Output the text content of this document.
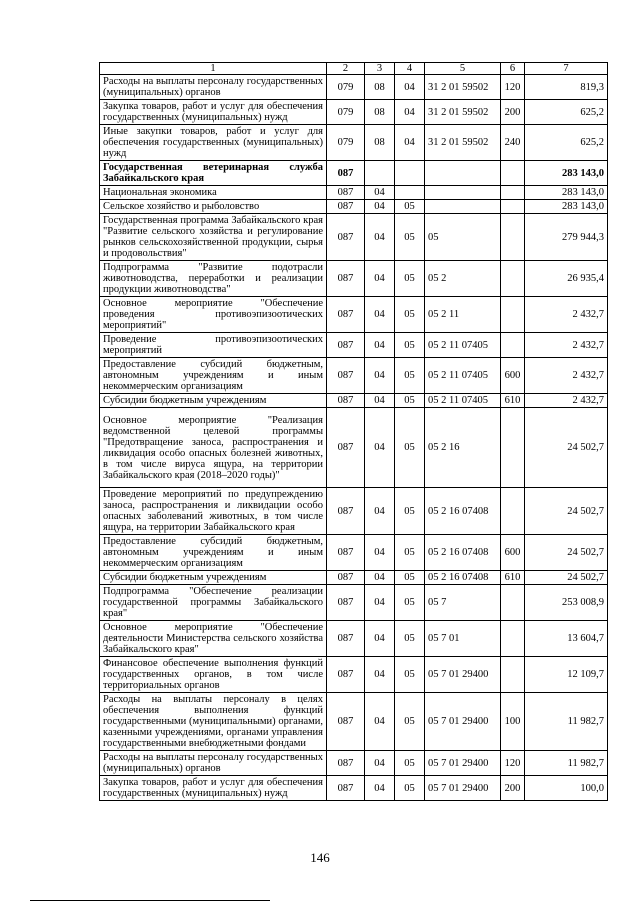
1	2	3	4	5	6	7
Расходы на выплаты персоналу государственных (муниципальных) органов	079	08	04	31 2 01 59502	120	819,3
Закупка товаров, работ и услуг для обеспечения государственных (муниципальных) нужд	079	08	04	31 2 01 59502	200	625,2
Иные закупки товаров, работ и услуг для обеспечения государственных (муниципальных) нужд	079	08	04	31 2 01 59502	240	625,2
Государственная ветеринарная служба Забайкальского края	087					283 143,0
Национальная экономика	087	04				283 143,0
Сельское хозяйство и рыболовство	087	04	05			283 143,0
Государственная программа Забайкальского края "Развитие сельского хозяйства и регулирование рынков сельскохозяйственной продукции, сырья и продовольствия"	087	04	05	05		279 944,3
Подпрограмма "Развитие подотрасли животноводства, переработки и реализации продукции животноводства"	087	04	05	05 2		26 935,4
Основное мероприятие "Обеспечение проведения противоэпизоотических мероприятий"	087	04	05	05 2 11		2 432,7
Проведение противоэпизоотических мероприятий	087	04	05	05 2 11 07405		2 432,7
Предоставление субсидий бюджетным, автономным учреждениям и иным некоммерческим организациям	087	04	05	05 2 11 07405	600	2 432,7
Субсидии бюджетным учреждениям	087	04	05	05 2 11 07405	610	2 432,7
Основное мероприятие "Реализация ведомственной целевой программы "Предотвращение заноса, распространения и ликвидация особо опасных болезней животных, в том числе вируса ящура, на территории Забайкальского края (2018–2020 годы)"	087	04	05	05 2 16		24 502,7
Проведение мероприятий по предупреждению заноса, распространения и ликвидации особо опасных заболеваний животных, в том числе ящура, на территории Забайкальского края	087	04	05	05 2 16 07408		24 502,7
Предоставление субсидий бюджетным, автономным учреждениям и иным некоммерческим организациям	087	04	05	05 2 16 07408	600	24 502,7
Субсидии бюджетным учреждениям	087	04	05	05 2 16 07408	610	24 502,7
Подпрограмма "Обеспечение реализации государственной программы Забайкальского края"	087	04	05	05 7		253 008,9
Основное мероприятие "Обеспечение деятельности Министерства сельского хозяйства Забайкальского края"	087	04	05	05 7 01		13 604,7
Финансовое обеспечение выполнения функций государственных органов, в том числе территориальных органов	087	04	05	05 7 01 29400		12 109,7
Расходы на выплаты персоналу в целях обеспечения выполнения функций государственными (муниципальными) органами, казенными учреждениями, органами управления государственными внебюджетными фондами	087	04	05	05 7 01 29400	100	11 982,7
Расходы на выплаты персоналу государственных (муниципальных) органов	087	04	05	05 7 01 29400	120	11 982,7
Закупка товаров, работ и услуг для обеспечения государственных (муниципальных) нужд	087	04	05	05 7 01 29400	200	100,0
146
